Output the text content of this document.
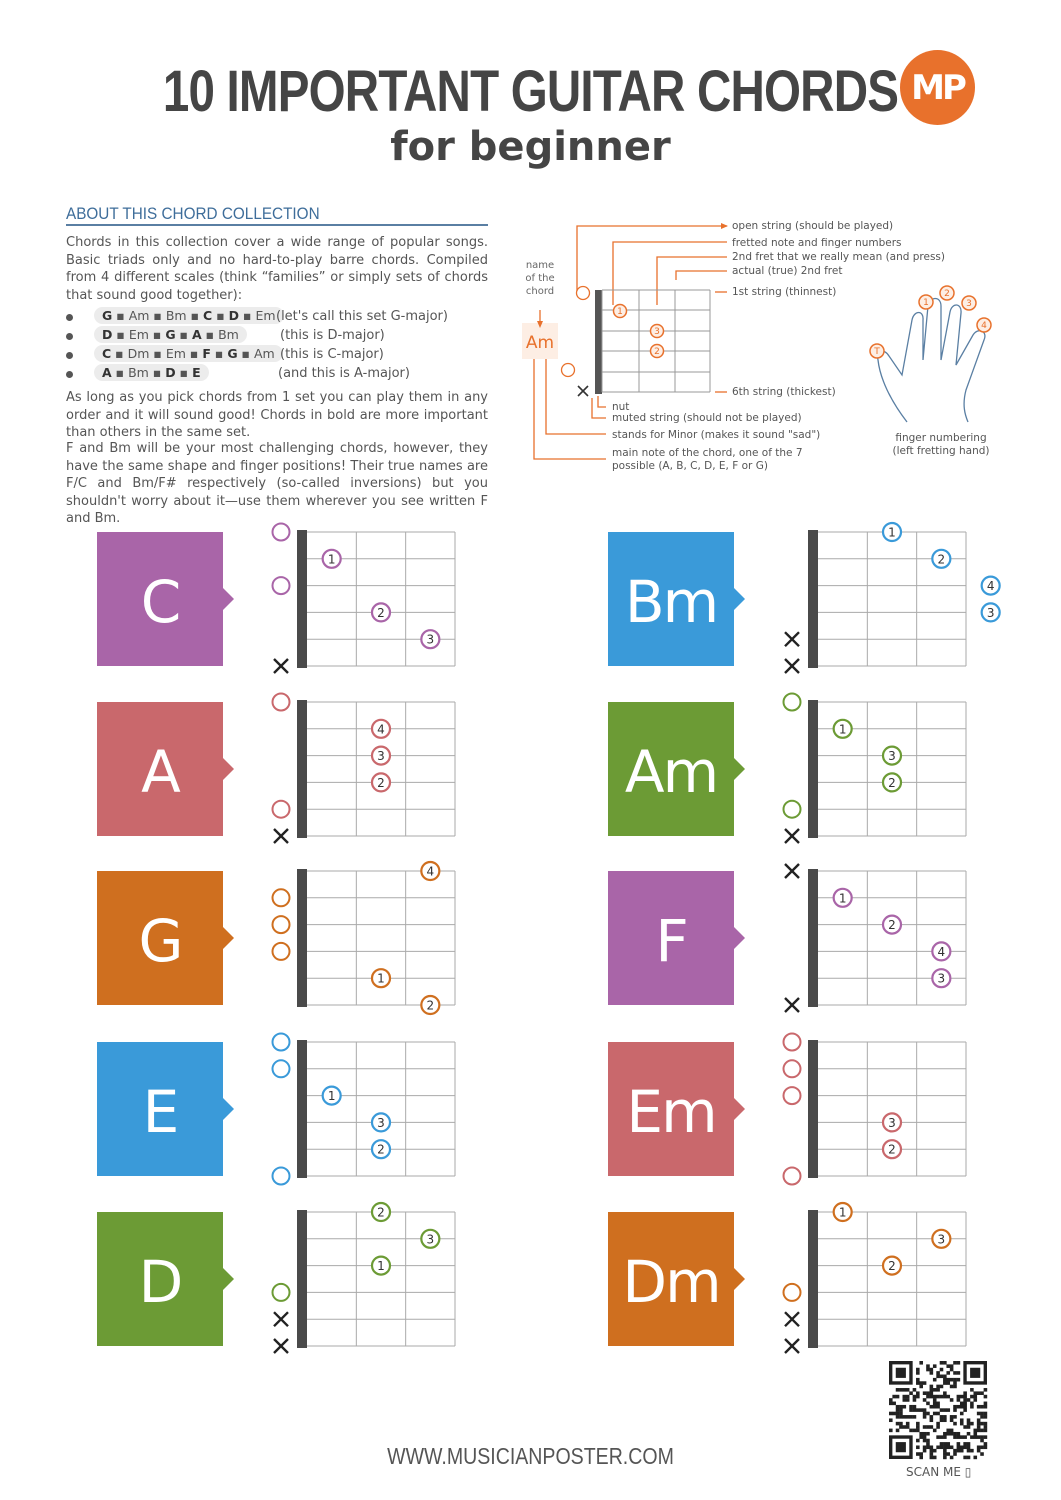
10 IMPORTANT GUITAR CHORDS
for beginner
MP
ABOUT THIS CHORD COLLECTION
Chords in this collection cover a wide range of popular songs. Basic triads only and no hard-to-play barre chords. Compiled from 4 different scales (think “families” or simply sets of chords that sound good together):
G ▪ Am ▪ Bm ▪ C ▪ D ▪ Em (let's call this set G-major)
D ▪ Em ▪ G ▪ A ▪ Bm	(this is D-major)
C ▪ Dm ▪ Em ▪ F ▪ G ▪ Am (this is C-major)
A ▪ Bm ▪ D ▪ E	(and this is A-major)
As long as you pick chords from 1 set you can play them in any order and it will sound good! Chords in bold are more important than others in the same set.
F and Bm will be your most challenging chords, however, they have the same shape and finger positions! Their true names are F/C and Bm/F# respectively (so-called inversions) but you shouldn't worry about it—use them wherever you see written F and Bm.
1
3
2
Am
name
of the
chord
open string (should be played)
fretted note and finger numbers
2nd fret that we really mean (and press)
actual (true) 2nd fret
1st string (thinnest)
6th string (thickest)
nut
muted string (should not be played)
stands for Minor (makes it sound "sad")
main note of the chord, one of the 7
possible (A, B, C, D, E, F or G)
1
2
3
4
T
finger numbering
(left fretting hand)
C
1
2
3
Bm
1
2
4
3
A
4
3
2	Am
1
3
2
G
4
1
2
F
1
2
4
3
E	1
3
2
Em	3
2
D
2
3
1	Dm
1
3
2
WWW.MUSICIANPOSTER.COM
SCAN ME ▯
